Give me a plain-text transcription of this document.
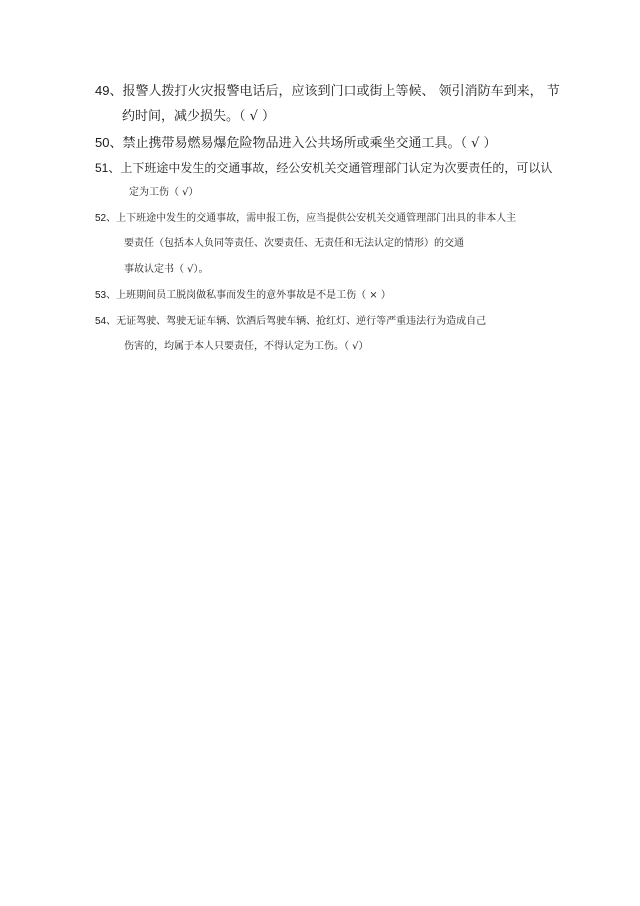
49、报警人拨打火灾报警电话后，应该到门口或街上等候、 领引消防车到来， 节
约时间，减少损失。（ √ ）
50、禁止携带易燃易爆危险物品进入公共场所或乘坐交通工具。（ √ ）
51、上下班途中发生的交通事故，经公安机关交通管理部门认定为次要责任的，可以认
定为工伤（ √）
52、上下班途中发生的交通事故，需申报工伤，应当提供公安机关交通管理部门出具的非本人主
要责任（包括本人负同等责任、次要责任、无责任和无法认定的情形）的交通
事故认定书（ √）。
53、上班期间员工脱岗做私事而发生的意外事故是不是工伤（ × ）
54、无证驾驶、驾驶无证车辆、饮酒后驾驶车辆、抢红灯、逆行等严重违法行为造成自己
伤害的，均属于本人只要责任，不得认定为工伤。（ √）
